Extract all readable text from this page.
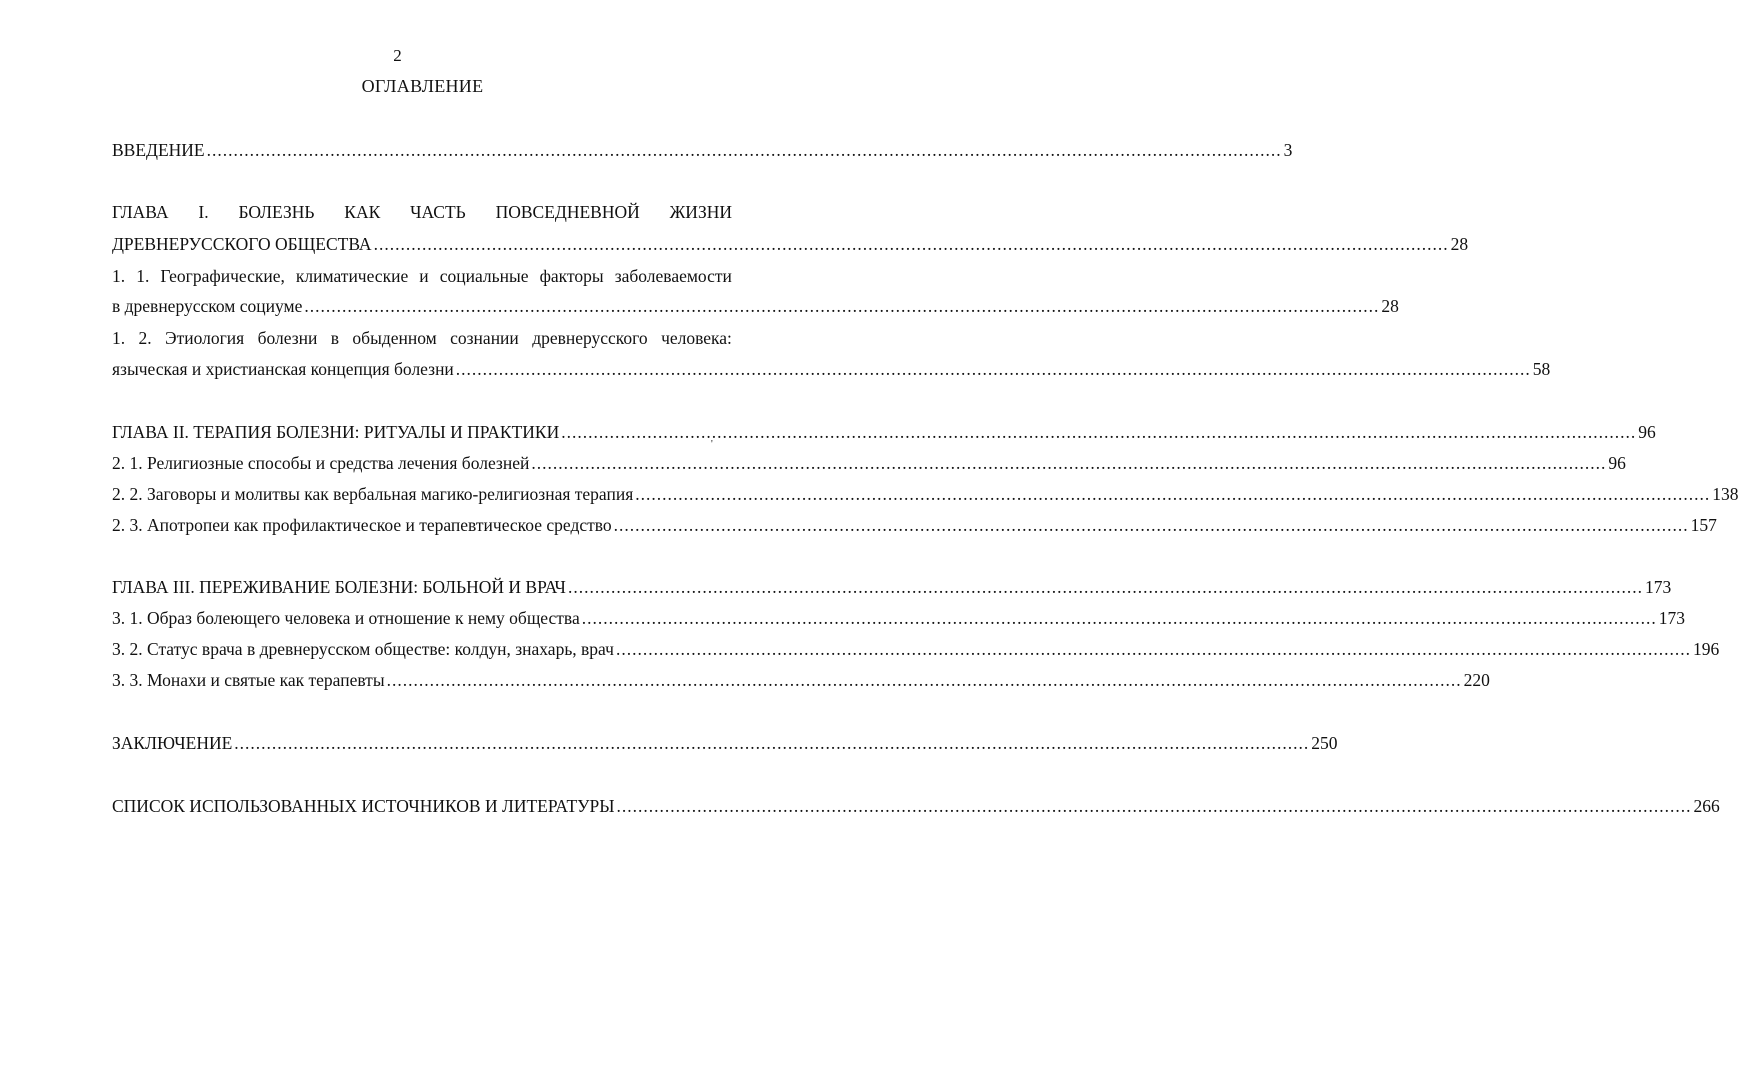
2
ОГЛАВЛЕНИЕ
ВВЕДЕНИЕ ........................................................................................................................................................................................................ 3
ГЛАВА I. БОЛЕЗНЬ КАК ЧАСТЬ ПОВСЕДНЕВНОЙ ЖИЗНИ
ДРЕВНЕРУССКОГО ОБЩЕСТВА ........................................................................................................................................................................................................ 28
1. 1. Географические, климатические и социальные факторы заболеваемости
в древнерусском социуме ........................................................................................................................................................................................................ 28
1. 2. Этиология болезни в обыденном сознании древнерусского человека:
языческая и христианская концепция болезни ........................................................................................................................................................................................................ 58
ГЛАВА II. ТЕРАПИЯ БОЛЕЗНИ: РИТУАЛЫ И ПРАКТИКИ ........................................................................................................................................................................................................ 96
2. 1. Религиозные способы и средства лечения болезней ........................................................................................................................................................................................................ 96
2. 2. Заговоры и молитвы как вербальная магико-религиозная терапия ........................................................................................................................................................................................................ 138
2. 3. Апотропеи как профилактическое и терапевтическое средство ........................................................................................................................................................................................................ 157
ГЛАВА III. ПЕРЕЖИВАНИЕ БОЛЕЗНИ: БОЛЬНОЙ И ВРАЧ ........................................................................................................................................................................................................ 173
3. 1. Образ болеющего человека и отношение к нему общества ........................................................................................................................................................................................................ 173
3. 2. Статус врача в древнерусском обществе: колдун, знахарь, врач ........................................................................................................................................................................................................ 196
3. 3. Монахи и святые как терапевты ........................................................................................................................................................................................................ 220
ЗАКЛЮЧЕНИЕ ........................................................................................................................................................................................................ 250
СПИСОК ИСПОЛЬЗОВАННЫХ ИСТОЧНИКОВ И ЛИТЕРАТУРЫ ........................................................................................................................................................................................................ 266
'
